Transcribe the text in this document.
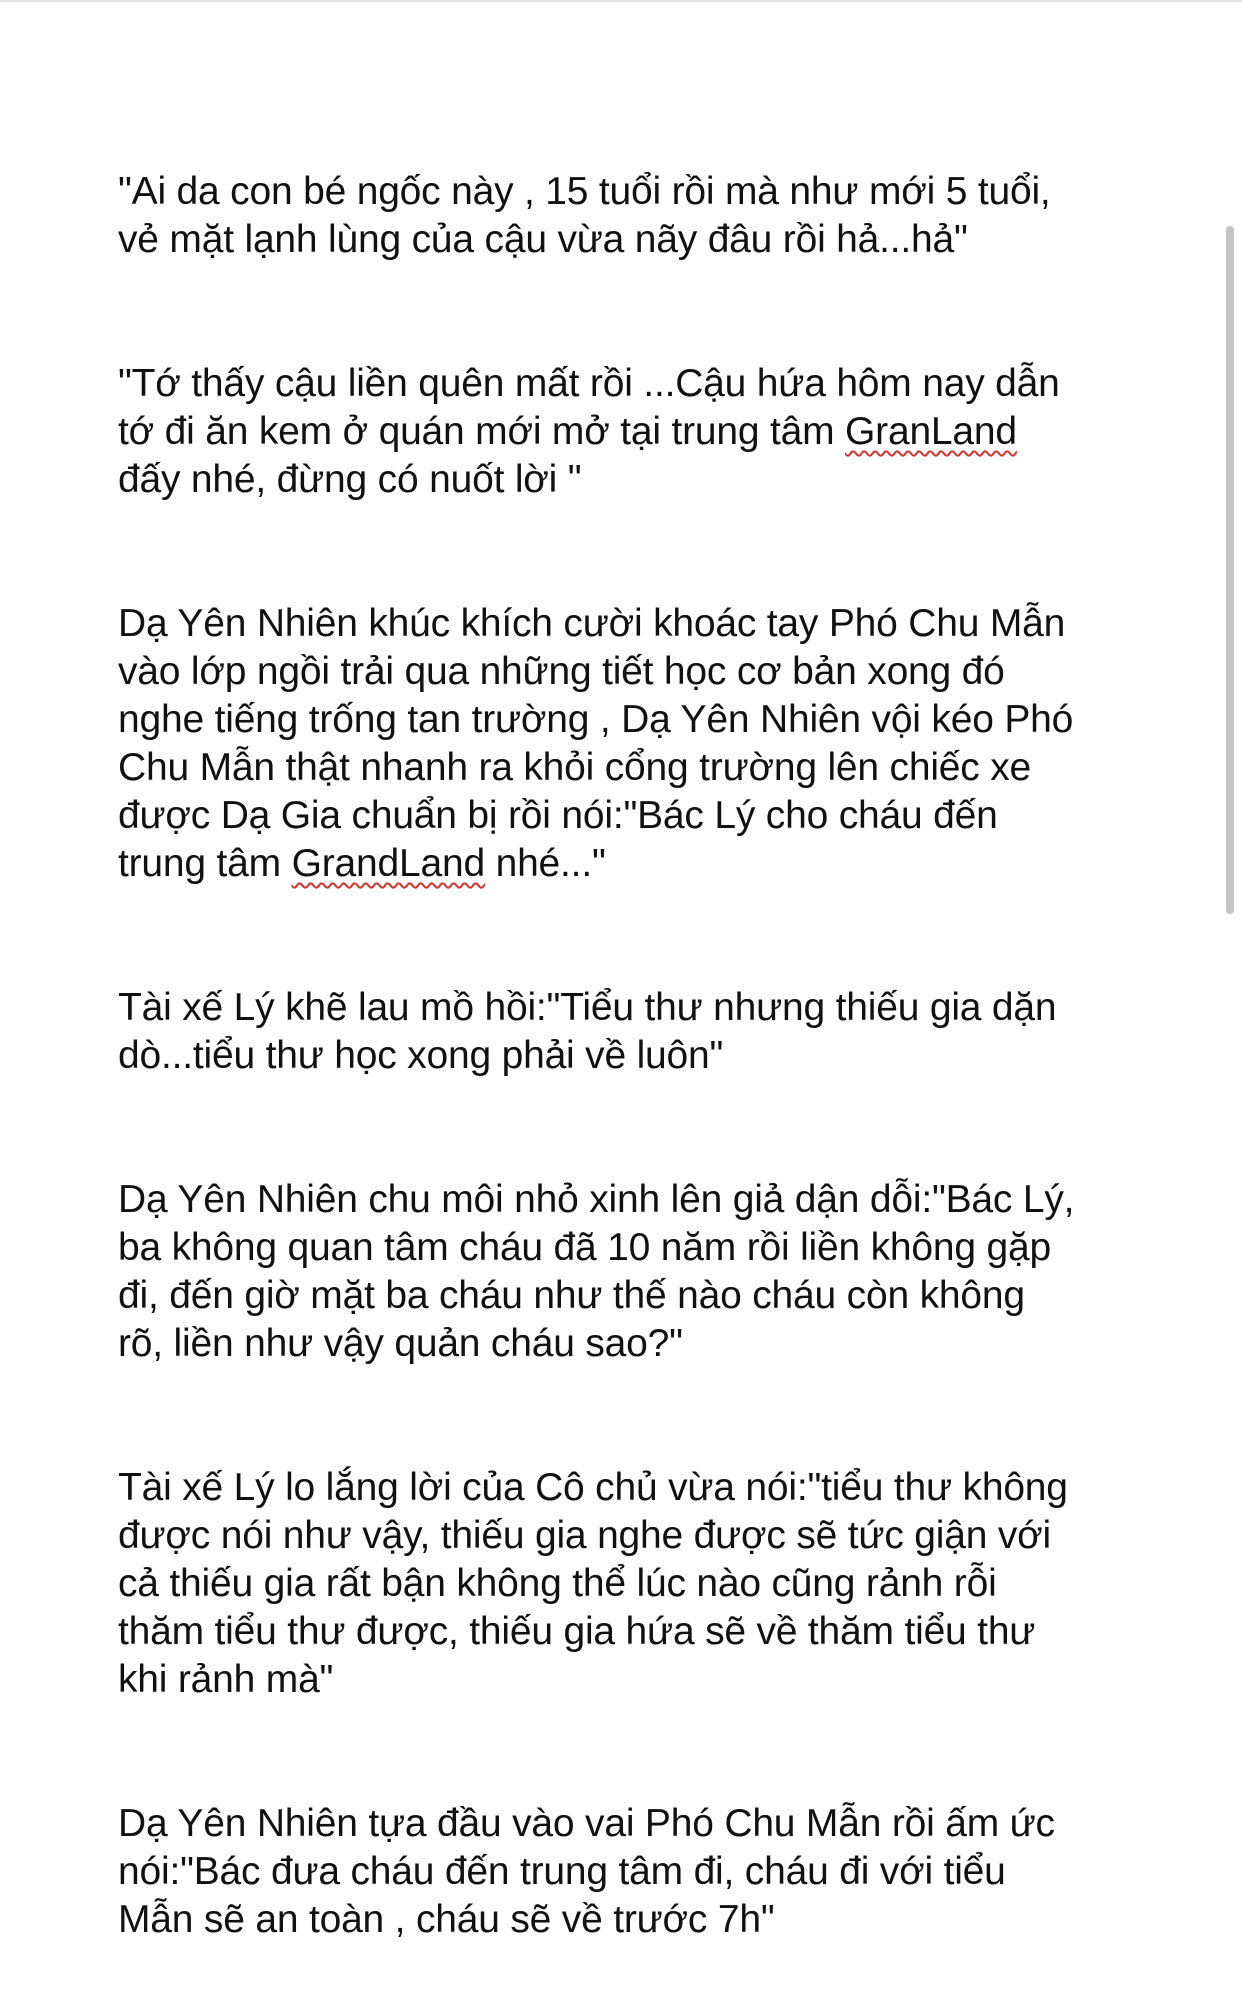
"Ai da con bé ngốc này , 15 tuổi rồi mà như mới 5 tuổi,
vẻ mặt lạnh lùng của cậu vừa nãy đâu rồi hả...hả"

"Tớ thấy cậu liền quên mất rồi ...Cậu hứa hôm nay dẫn
tớ đi ăn kem ở quán mới mở tại trung tâm GranLand
đấy nhé, đừng có nuốt lời "

Dạ Yên Nhiên khúc khích cười khoác tay Phó Chu Mẫn
vào lớp ngồi trải qua những tiết học cơ bản xong đó
nghe tiếng trống tan trường , Dạ Yên Nhiên vội kéo Phó
Chu Mẫn thật nhanh ra khỏi cổng trường lên chiếc xe
được Dạ Gia chuẩn bị rồi nói:"Bác Lý cho cháu đến
trung tâm GrandLand nhé..."

Tài xế Lý khẽ lau mồ hồi:"Tiểu thư nhưng thiếu gia dặn
dò...tiểu thư học xong phải về luôn"

Dạ Yên Nhiên chu môi nhỏ xinh lên giả dận dỗi:"Bác Lý,
ba không quan tâm cháu đã 10 năm rồi liền không gặp
đi, đến giờ mặt ba cháu như thế nào cháu còn không
rõ, liền như vậy quản cháu sao?"

Tài xế Lý lo lắng lời của Cô chủ vừa nói:"tiểu thư không
được nói như vậy, thiếu gia nghe được sẽ tức giận với
cả thiếu gia rất bận không thể lúc nào cũng rảnh rỗi
thăm tiểu thư được, thiếu gia hứa sẽ về thăm tiểu thư
khi rảnh mà"

Dạ Yên Nhiên tựa đầu vào vai Phó Chu Mẫn rồi ấm ức
nói:"Bác đưa cháu đến trung tâm đi, cháu đi với tiểu
Mẫn sẽ an toàn , cháu sẽ về trước 7h"
